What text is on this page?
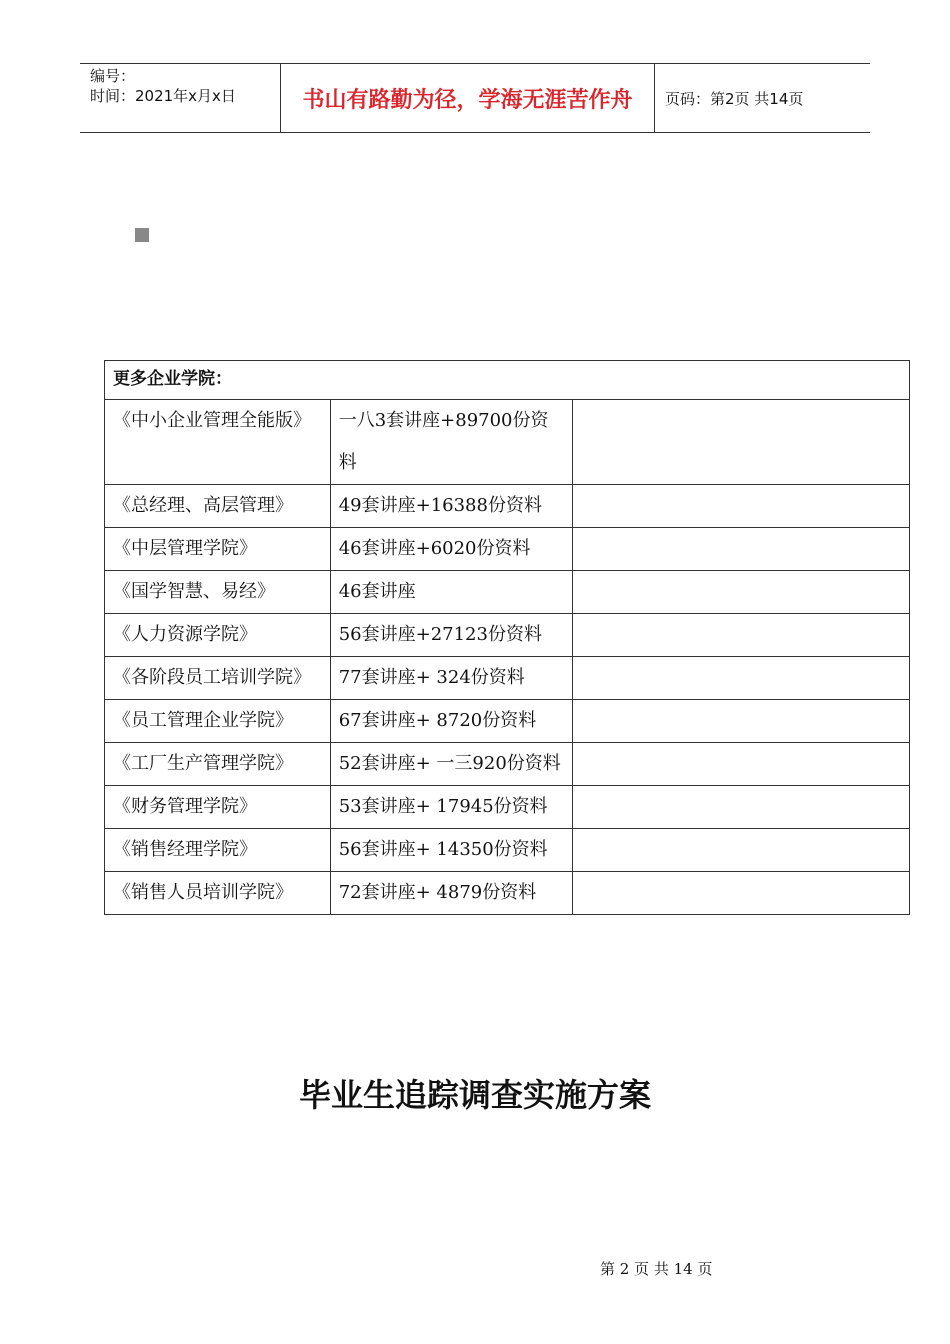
编号：
时间：2021年x月x日	书山有路勤为径，学海无涯苦作舟	页码：第2页 共14页
更多企业学院：		
《中小企业管理全能版》	一八3套讲座+89700份资料	
《总经理、高层管理》	49套讲座+16388份资料	
《中层管理学院》	46套讲座+6020份资料	
《国学智慧、易经》	46套讲座	
《人力资源学院》	56套讲座+27123份资料	
《各阶段员工培训学院》	77套讲座+ 324份资料	
《员工管理企业学院》	67套讲座+ 8720份资料	
《工厂生产管理学院》	52套讲座+ 一三920份资料	
《财务管理学院》	53套讲座+ 17945份资料	
《销售经理学院》	56套讲座+ 14350份资料	
《销售人员培训学院》	72套讲座+ 4879份资料	
毕业生追踪调查实施方案
第 2 页 共 14 页
